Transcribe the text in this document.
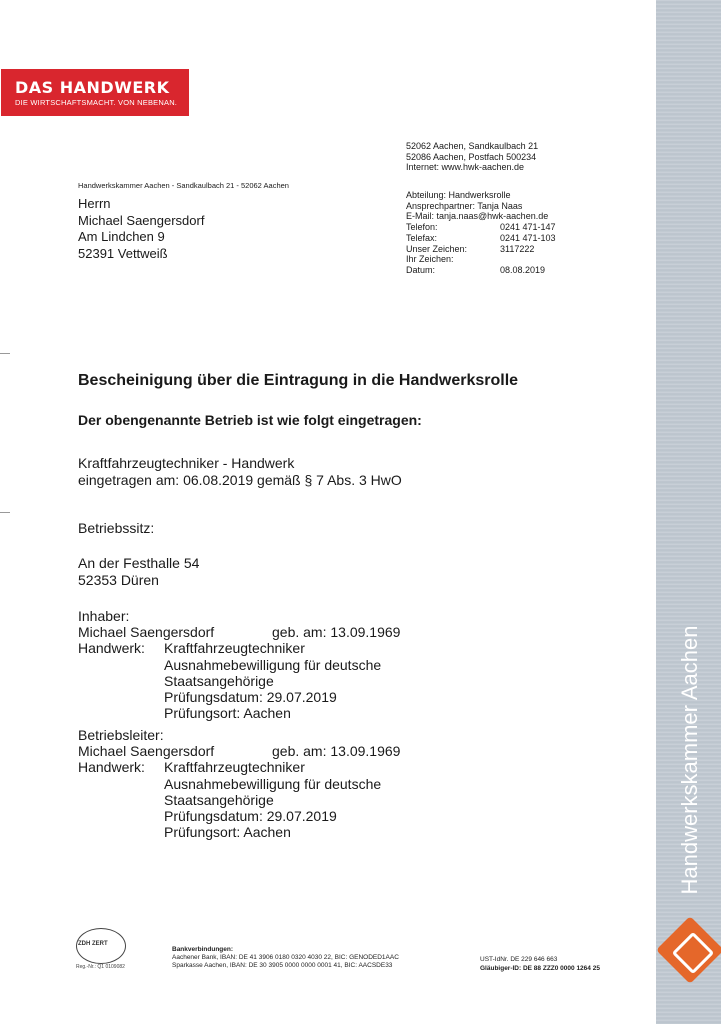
DAS HANDWERK
DIE WIRTSCHAFTSMACHT. VON NEBENAN.
Handwerkskammer Aachen
52062 Aachen, Sandkaulbach 21
52086 Aachen, Postfach 500234
Internet: www.hwk-aachen.de
Handwerkskammer Aachen - Sandkaulbach 21 - 52062 Aachen
Herrn
Michael Saengersdorf
Am Lindchen 9
52391 Vettweiß
Abteilung: Handwerksrolle
Ansprechpartner: Tanja Naas
E-Mail: tanja.naas@hwk-aachen.de
Telefon:	0241 471-147
Telefax:	0241 471-103
Unser Zeichen:	3117222
Ihr Zeichen:
Datum:	08.08.2019
Bescheinigung über die Eintragung in die Handwerksrolle
Der obengenannte Betrieb ist wie folgt eingetragen:
Kraftfahrzeugtechniker - Handwerk
eingetragen am: 06.08.2019 gemäß § 7 Abs. 3 HwO
Betriebssitz:
An der Festhalle 54
52353 Düren
Inhaber:
Michael Saengersdorf	geb. am: 13.09.1969
Handwerk:	Kraftfahrzeugtechniker
Ausnahmebewilligung für deutsche
Staatsangehörige
Prüfungsdatum: 29.07.2019
Prüfungsort: Aachen
Betriebsleiter:
Michael Saengersdorf	geb. am: 13.09.1969
Handwerk:	Kraftfahrzeugtechniker
Ausnahmebewilligung für deutsche
Staatsangehörige
Prüfungsdatum: 29.07.2019
Prüfungsort: Aachen
ZDH ZERT
Reg.-Nr.: Q1 0109082
Bankverbindungen:
Aachener Bank, IBAN: DE 41 3906 0180 0320 4030 22, BIC: GENODED1AAC
Sparkasse Aachen, IBAN: DE 30 3905 0000 0000 0001 41, BIC: AACSDE33
UST-IdNr. DE 229 646 663
Gläubiger-ID: DE 88 ZZZ0 0000 1264 25
